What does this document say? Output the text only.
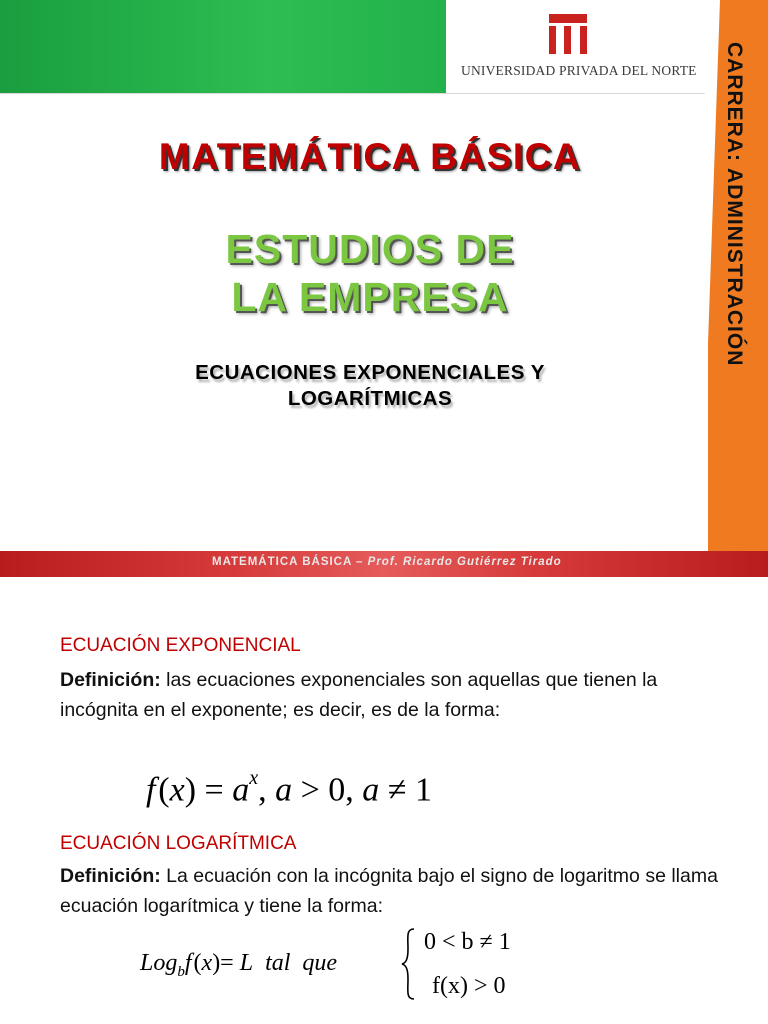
UNIVERSIDAD PRIVADA DEL NORTE CARRERA: ADMINISTRACIÓN
MATEMÁTICA BÁSICA
ESTUDIOS DE
LA EMPRESA
ECUACIONES EXPONENCIALES Y
LOGARÍTMICAS
MATEMÁTICA BÁSICA – Prof. Ricardo Gutiérrez Tirado
ECUACIÓN EXPONENCIAL
Definición: las ecuaciones exponenciales son aquellas que tienen la incógnita en el exponente; es decir, es de la forma:
f $(x) = a^x$, a > 0, a ≠ 1
ECUACIÓN LOGARÍTMICA
Definición: La ecuación con la incógnita bajo el signo de logaritmo se llama ecuación logarítmica y tiene la forma:
Log$_b$f (x)= L tal que
0 < b ≠ 1
f(x) > 0
